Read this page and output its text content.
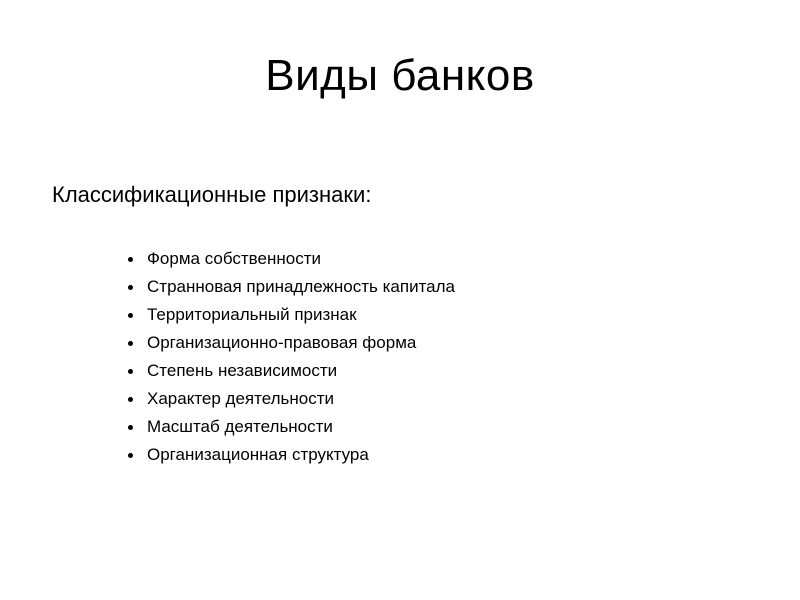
Виды банков

Классификационные признаки:

Форма собственности
Странновая принадлежность капитала
Территориальный признак
Организационно-правовая форма
Степень независимости
Характер деятельности
Масштаб деятельности
Организационная структура
